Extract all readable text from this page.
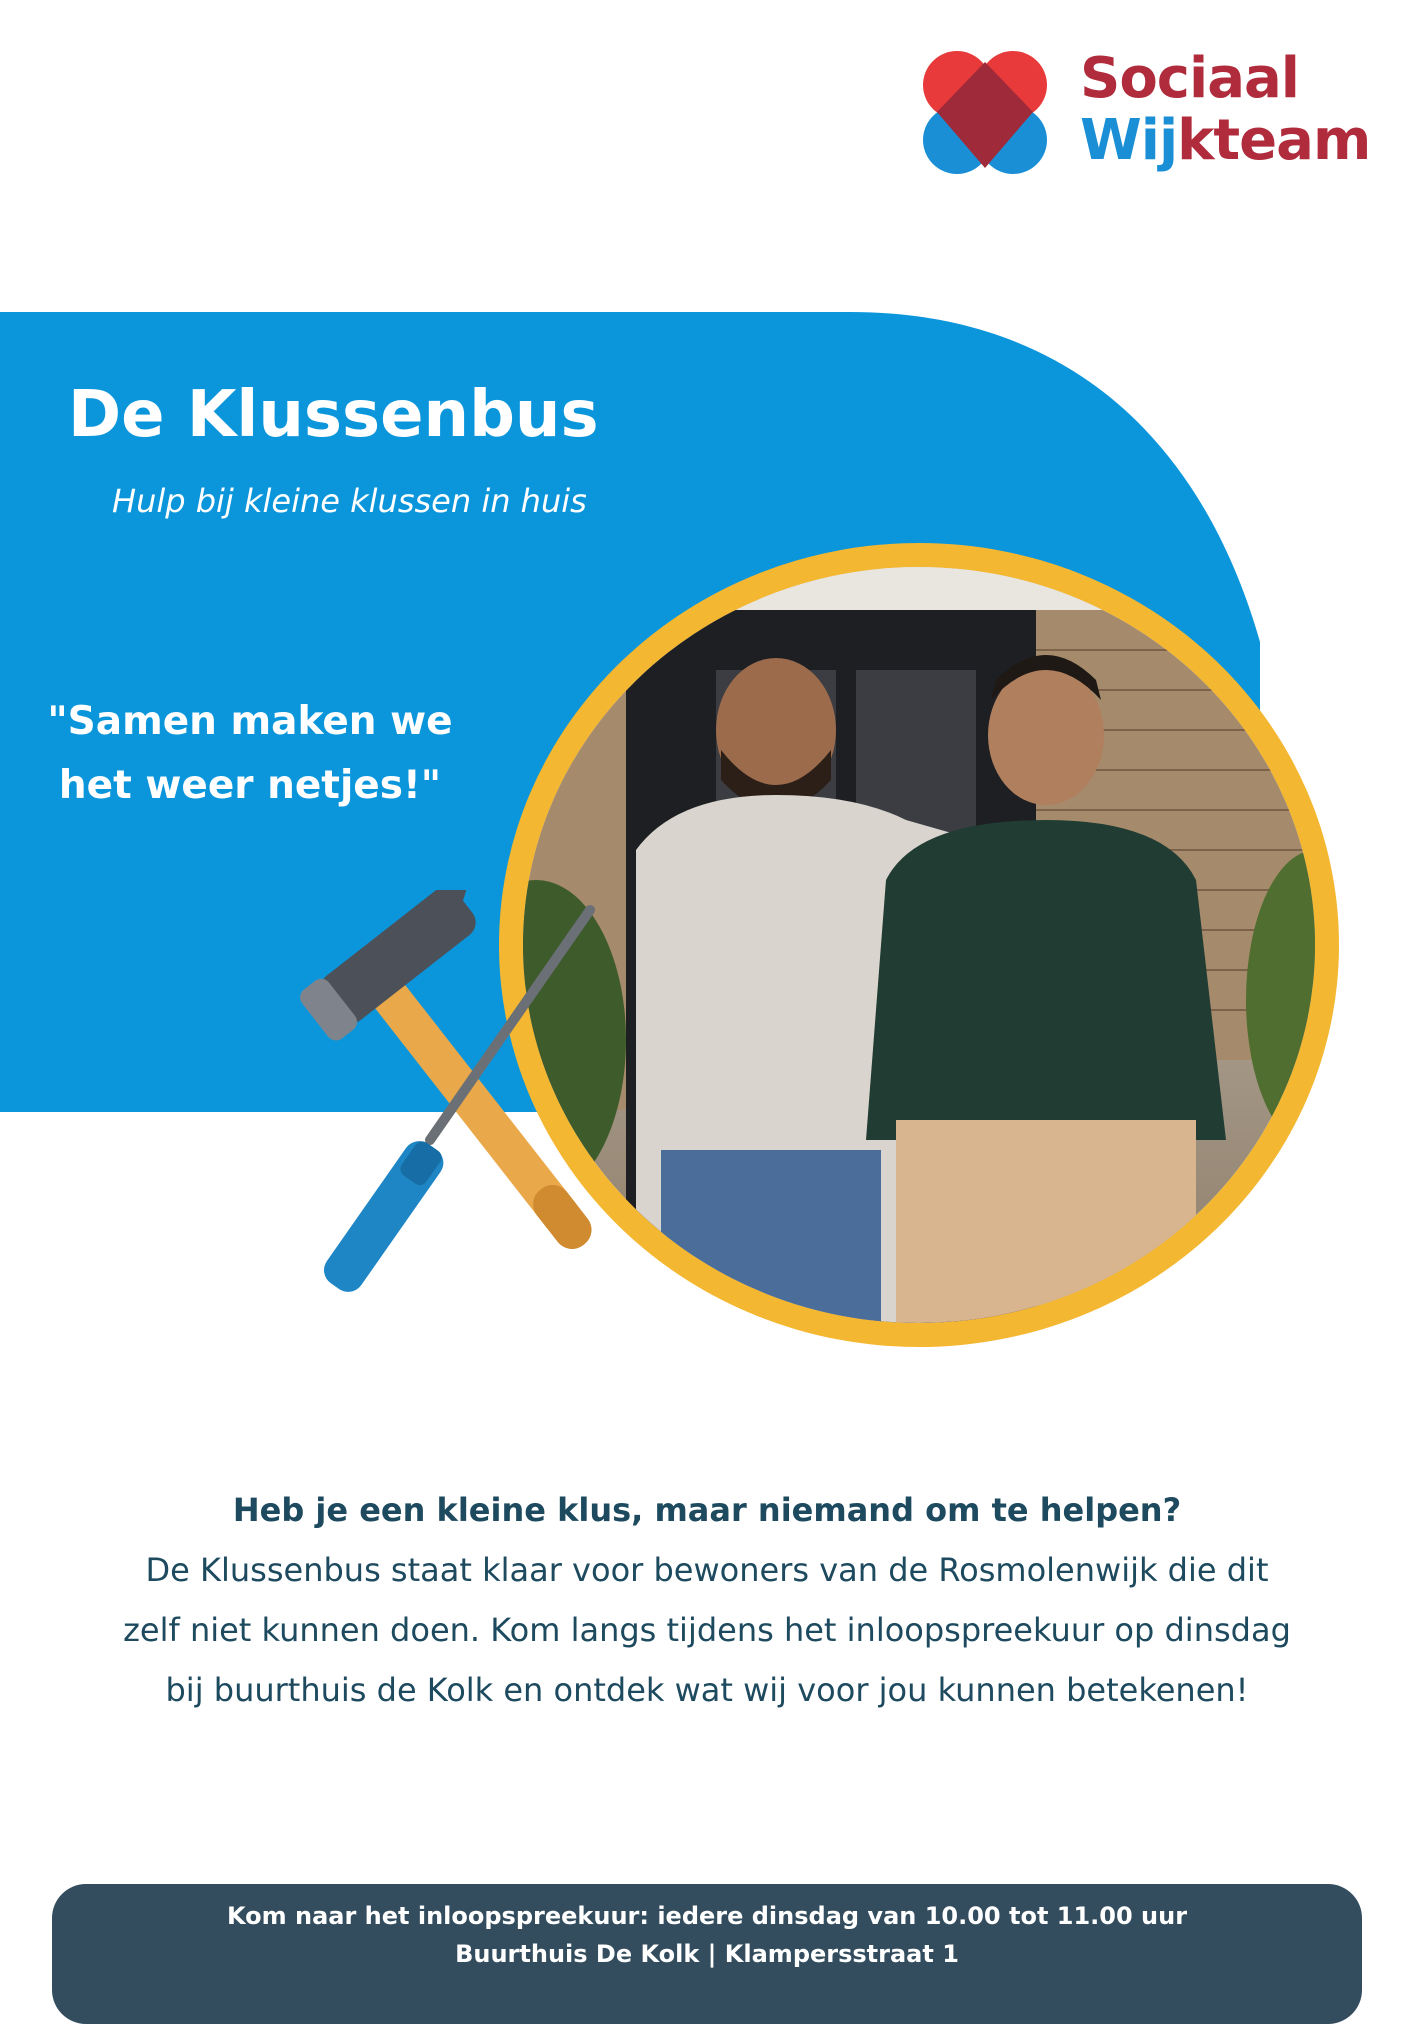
Sociaal
Wijkteam
De Klussenbus
Hulp bij kleine klussen in huis
"Samen maken we
het weer netjes!"
Heb je een kleine klus, maar niemand om te helpen?
De Klussenbus staat klaar voor bewoners van de Rosmolenwijk die dit
zelf niet kunnen doen. Kom langs tijdens het inloopspreekuur op dinsdag
bij buurthuis de Kolk en ontdek wat wij voor jou kunnen betekenen!
Kom naar het inloopspreekuur: iedere dinsdag van 10.00 tot 11.00 uur
Buurthuis De Kolk | Klampersstraat 1
